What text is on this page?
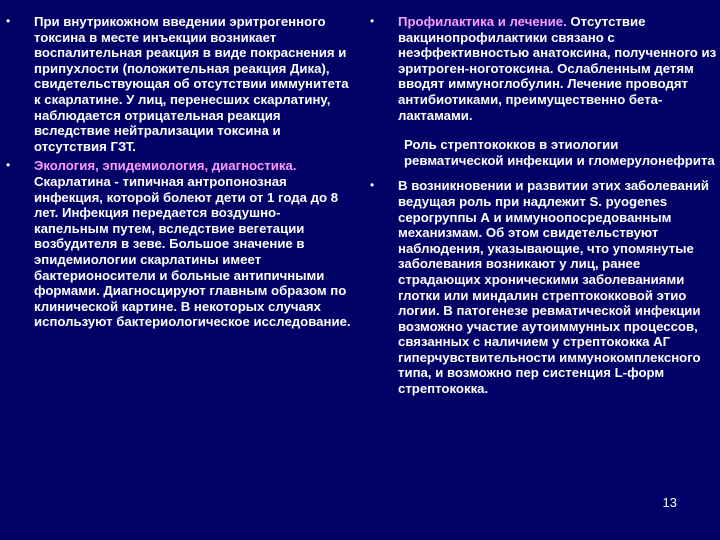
• При внутрикожном введении эритрогенного токсина в месте инъекции возникает воспалительная реакция в виде покраснения и припухлости (положительная реакция Дика), свидетельствующая об отсутствии иммунитета к скарлатине. У лиц, перенесших скарлатину, наблюдается отрицательная реакция вследствие нейтрализации токсина и отсутствия ГЗТ.

• Экология, эпидемиология, диагностика. Скарлатина - типичная антропонозная инфекция, которой болеют дети от 1 года до 8 лет. Инфекция передается воздушно-капельным путем, вследствие вегетации возбудителя в зеве. Большое значение в эпидемиологии скарлатины имеет бактерионосители и больные антипичными формами. Диагносцируют главным образом по клинической картине. В некоторых случаях используют бактериологическое исследование.

• Профилактика и лечение. Отсутствие вакцинопрофилактики связано с неэффективностью анатоксина, полученного из эритроген-ноготоксина. Ослабленным детям вводят иммуноглобулин. Лечение проводят антибиотиками, преимущественно бета-лактамами.

Роль стрептококков в этиологии ревматической инфекции и гломерулонефрита

• В возникновении и развитии этих заболеваний ведущая роль при надлежит S. pyogenes серогруппы А и иммуноопосредованным механизмам. Об этом свидетельствуют наблюдения, указывающие, что упомянутые заболевания возникают у лиц, ранее страдающих хроническими заболеваниями глотки или миндалин стрептококковой этио логии. В патогенезе ревматической инфекции возможно участие аутоиммунных процессов, связанных с наличием у стрептококка АГ гиперчувствительности иммунокомплексного типа, и возможно пер систенция L-форм стрептококка.

13
